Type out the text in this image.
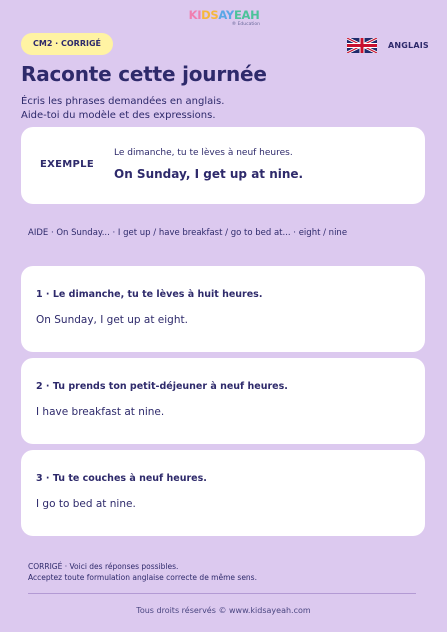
KIDSAYEAH
® Education
CM2 · CORRIGÉ	ANGLAIS
Raconte cette journée
Écris les phrases demandées en anglais.
Aide-toi du modèle et des expressions.
EXEMPLE
Le dimanche, tu te lèves à neuf heures.
On Sunday, I get up at nine.
AIDE · On Sunday... · I get up / have breakfast / go to bed at... · eight / nine
1 · Le dimanche, tu te lèves à huit heures.
On Sunday, I get up at eight.
2 · Tu prends ton petit-déjeuner à neuf heures.
I have breakfast at nine.
3 · Tu te couches à neuf heures.
I go to bed at nine.
CORRIGÉ · Voici des réponses possibles.
Acceptez toute formulation anglaise correcte de même sens.
Tous droits réservés © www.kidsayeah.com
